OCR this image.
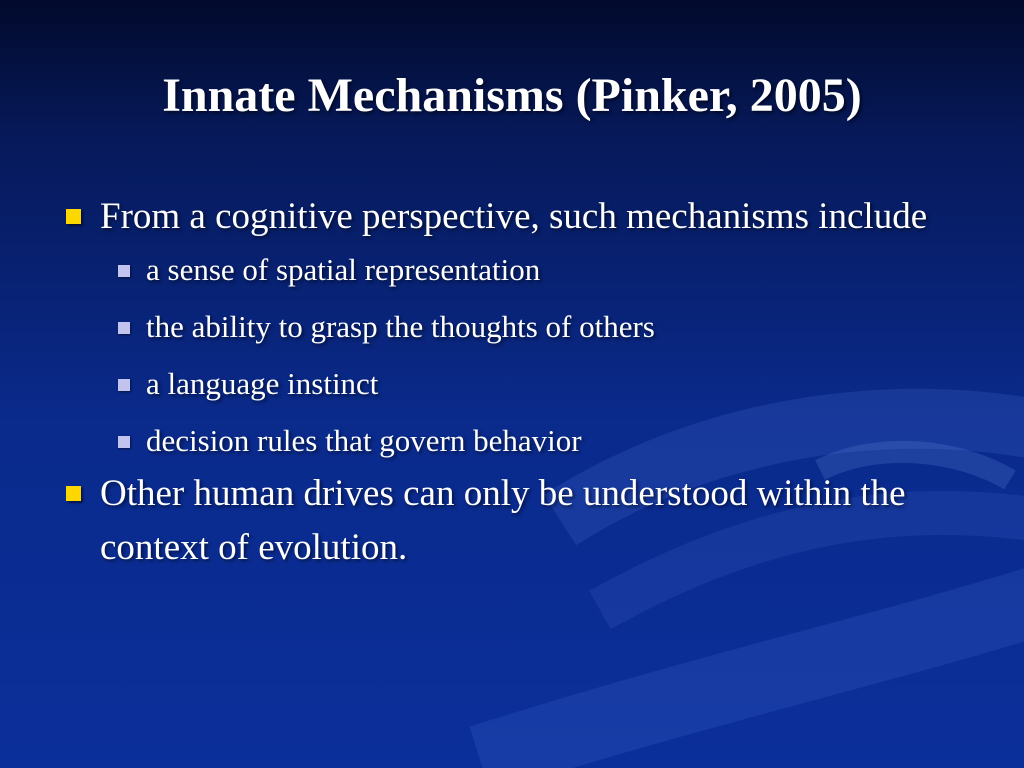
Innate Mechanisms (Pinker, 2005)
From a cognitive perspective, such mechanisms include
a sense of spatial representation
the ability to grasp the thoughts of others
a language instinct
decision rules that govern behavior
Other human drives can only be understood within the context of evolution.
